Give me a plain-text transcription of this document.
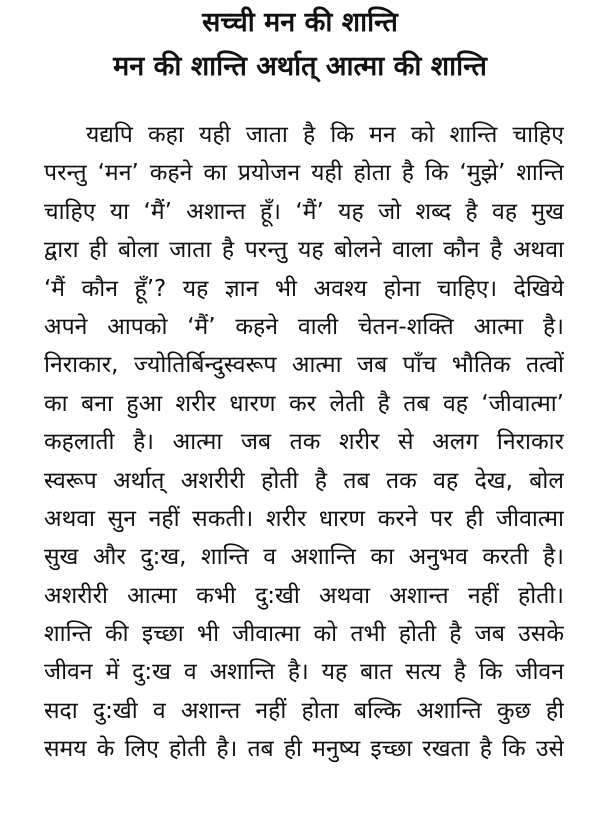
सच्ची मन की शान्ति
मन की शान्ति अर्थात् आत्मा की शान्ति
यद्यपि कहा यही जाता है कि मन को शान्ति चाहिए
परन्तु ‘मन’ कहने का प्रयोजन यही होता है कि ‘मुझे’ शान्ति
चाहिए या ‘मैं’ अशान्त हूँ। ‘मैं’ यह जो शब्द है वह मुख
द्वारा ही बोला जाता है परन्तु यह बोलने वाला कौन है अथवा
‘मैं कौन हूँ’? यह ज्ञान भी अवश्य होना चाहिए। देखिये
अपने आपको ‘मैं’ कहने वाली चेतन-शक्ति आत्मा है।
निराकार, ज्योतिर्बिन्दुस्वरूप आत्मा जब पाँच भौतिक तत्वों
का बना हुआ शरीर धारण कर लेती है तब वह ‘जीवात्मा’
कहलाती है। आत्मा जब तक शरीर से अलग निराकार
स्वरूप अर्थात् अशरीरी होती है तब तक वह देख, बोल
अथवा सुन नहीं सकती। शरीर धारण करने पर ही जीवात्मा
सुख और दु:ख, शान्ति व अशान्ति का अनुभव करती है।
अशरीरी आत्मा कभी दु:खी अथवा अशान्त नहीं होती।
शान्ति की इच्छा भी जीवात्मा को तभी होती है जब उसके
जीवन में दु:ख व अशान्ति है। यह बात सत्य है कि जीवन
सदा दु:खी व अशान्त नहीं होता बल्कि अशान्ति कुछ ही
समय के लिए होती है। तब ही मनुष्य इच्छा रखता है कि उसे
